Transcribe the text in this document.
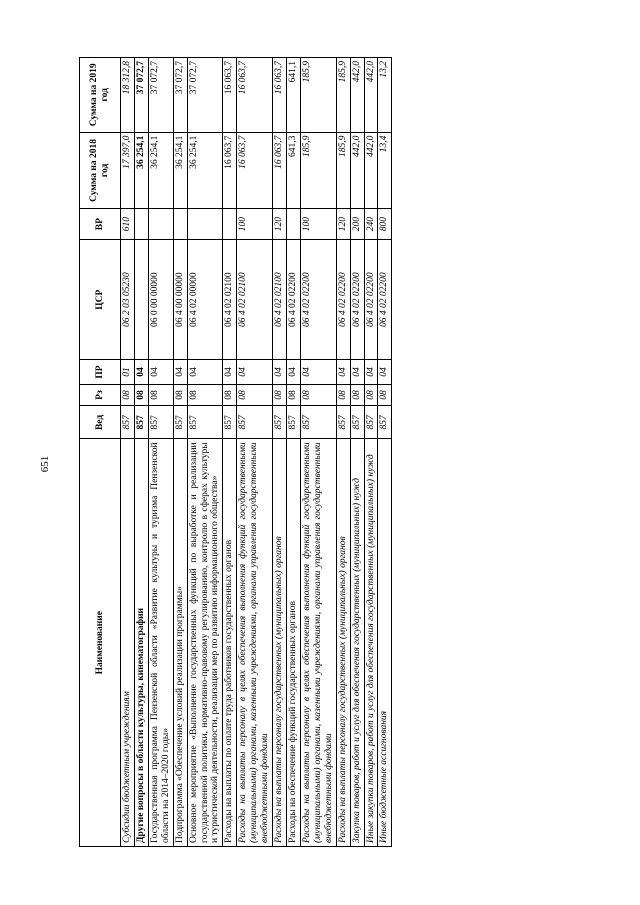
651
Наименование	Вед	Рз	ПР	ЦСР	ВР	Сумма на 2018 год	Сумма на 2019 год
Субсидии бюджетным учреждениям	857	08	01	06 2 03 05230	610	17 397,0	18 312,8
Другие вопросы в области культуры, кинематографии	857	08	04			36 254,1	37 072,7
Государственная программа Пензенской области «Развитие культуры и туризма Пензенской области на 2014–2020 годы»	857	08	04	06 0 00 00000		36 254,1	37 072,7
Подпрограмма «Обеспечение условий реализации программы»	857	08	04	06 4 00 00000		36 254,1	37 072,7
Основное мероприятие «Выполнение государственных функций по выработке и реализации государственной политики, нормативно-правовому регулированию, контролю в сферах культуры и туристической деятельности, реализации мер по развитию информационного общества»	857	08	04	06 4 02 00000		36 254,1	37 072,7
Расходы на выплаты по оплате труда работников государственных органов	857	08	04	06 4 02 02100		16 063,7	16 063,7
Расходы на выплаты персоналу в целях обеспечения выполнения функций государственными (муниципальными) органами, казенными учреждениями, органами управления государственными внебюджетными фондами	857	08	04	06 4 02 02100	100	16 063,7	16 063,7
Расходы на выплаты персоналу государственных (муниципальных) органов	857	08	04	06 4 02 02100	120	16 063,7	16 063,7
Расходы на обеспечение функций государственных органов	857	08	04	06 4 02 02200		641,3	641,1
Расходы на выплаты персоналу в целях обеспечения выполнения функций государственными (муниципальными) органами, казенными учреждениями, органами управления государственными внебюджетными фондами	857	08	04	06 4 02 02200	100	185,9	185,9
Расходы на выплаты персоналу государственных (муниципальных) органов	857	08	04	06 4 02 02200	120	185,9	185,9
Закупка товаров, работ и услуг для обеспечения государственных (муниципальных) нужд	857	08	04	06 4 02 02200	200	442,0	442,0
Иные закупки товаров, работ и услуг для обеспечения государственных (муниципальных) нужд	857	08	04	06 4 02 02200	240	442,0	442,0
Иные бюджетные ассигнования	857	08	04	06 4 02 02200	800	13,4	13,2
